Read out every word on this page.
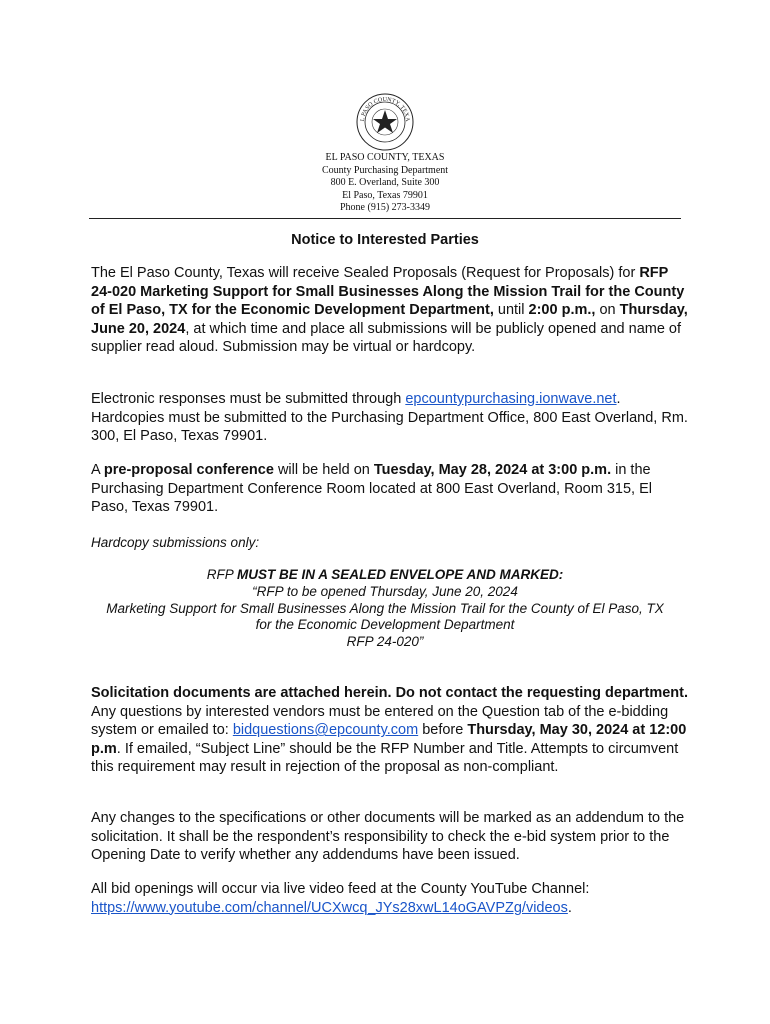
L PASO COUNTY, TEXA
EL PASO COUNTY, TEXAS
County Purchasing Department
800 E. Overland, Suite 300
El Paso, Texas 79901
Phone (915) 273-3349
Notice to Interested Parties
The El Paso County, Texas will receive Sealed Proposals (Request for Proposals) for RFP 24-020 Marketing Support for Small Businesses Along the Mission Trail for the County of El Paso, TX for the Economic Development Department, until 2:00 p.m., on Thursday, June 20, 2024, at which time and place all submissions will be publicly opened and name of supplier read aloud. Submission may be virtual or hardcopy.
Electronic responses must be submitted through epcountypurchasing.ionwave.net. Hardcopies must be submitted to the Purchasing Department Office, 800 East Overland, Rm. 300, El Paso, Texas 79901.
A pre-proposal conference will be held on Tuesday, May 28, 2024 at 3:00 p.m. in the Purchasing Department Conference Room located at 800 East Overland, Room 315, El Paso, Texas 79901.
Hardcopy submissions only:
RFP MUST BE IN A SEALED ENVELOPE AND MARKED:
“RFP to be opened Thursday, June 20, 2024
Marketing Support for Small Businesses Along the Mission Trail for the County of El Paso, TX
for the Economic Development Department
RFP 24-020”
Solicitation documents are attached herein. Do not contact the requesting department. Any questions by interested vendors must be entered on the Question tab of the e-bidding system or emailed to: bidquestions@epcounty.com before Thursday, May 30, 2024 at 12:00 p.m. If emailed, “Subject Line” should be the RFP Number and Title. Attempts to circumvent this requirement may result in rejection of the proposal as non-compliant.
Any changes to the specifications or other documents will be marked as an addendum to the solicitation. It shall be the respondent’s responsibility to check the e-bid system prior to the Opening Date to verify whether any addendums have been issued.
All bid openings will occur via live video feed at the County YouTube Channel: https://www.youtube.com/channel/UCXwcq_JYs28xwL14oGAVPZg/videos.
